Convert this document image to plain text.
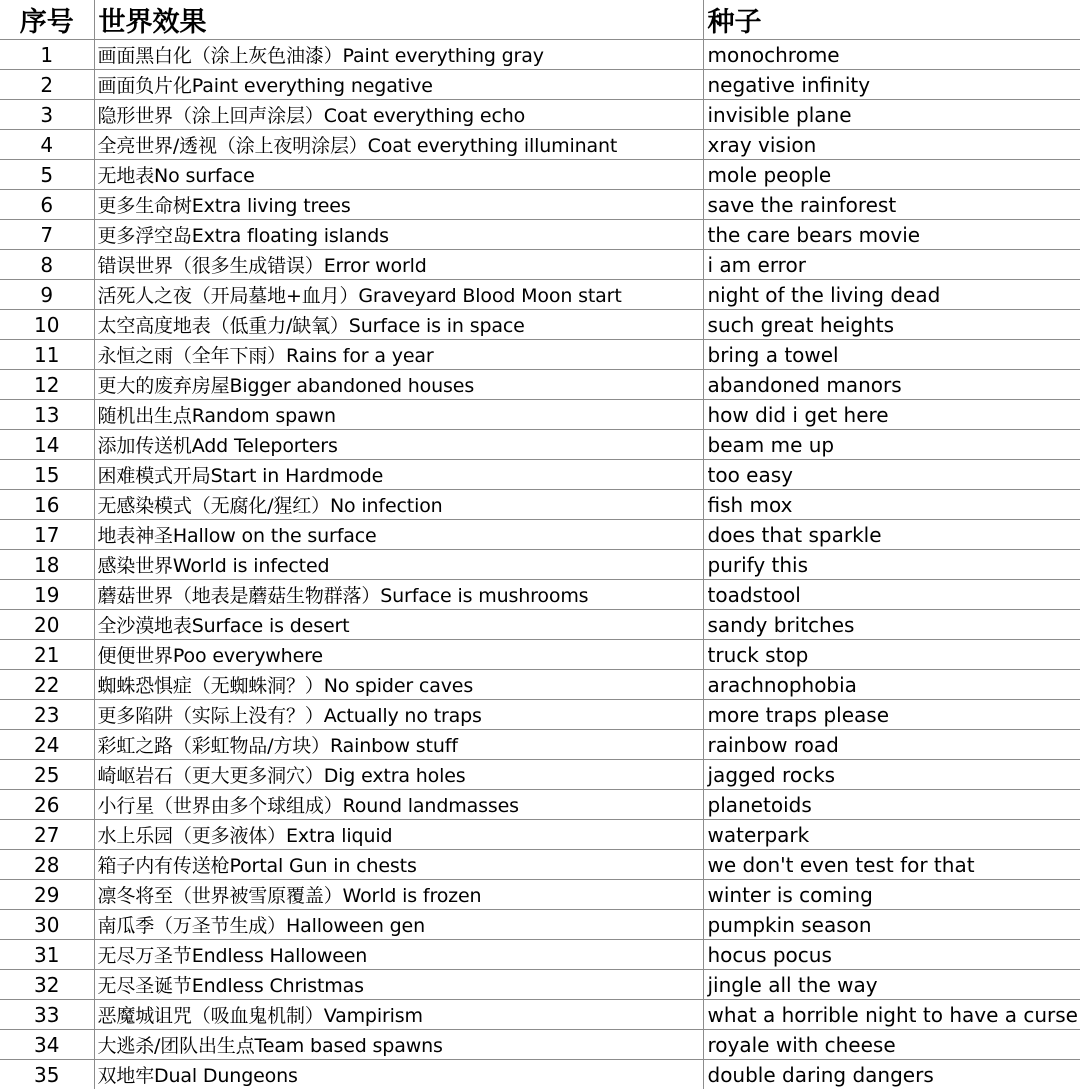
序号	世界效果	种子
1	画面黑白化（涂上灰色油漆）Paint everything gray	monochrome
2	画面负片化Paint everything negative	negative infinity
3	隐形世界（涂上回声涂层）Coat everything echo	invisible plane
4	全亮世界/透视（涂上夜明涂层）Coat everything illuminant	xray vision
5	无地表No surface	mole people
6	更多生命树Extra living trees	save the rainforest
7	更多浮空岛Extra floating islands	the care bears movie
8	错误世界（很多生成错误）Error world	i am error
9	活死人之夜（开局墓地+血月）Graveyard Blood Moon start	night of the living dead
10	太空高度地表（低重力/缺氧）Surface is in space	such great heights
11	永恒之雨（全年下雨）Rains for a year	bring a towel
12	更大的废弃房屋Bigger abandoned houses	abandoned manors
13	随机出生点Random spawn	how did i get here
14	添加传送机Add Teleporters	beam me up
15	困难模式开局Start in Hardmode	too easy
16	无感染模式（无腐化/猩红）No infection	fish mox
17	地表神圣Hallow on the surface	does that sparkle
18	感染世界World is infected	purify this
19	蘑菇世界（地表是蘑菇生物群落）Surface is mushrooms	toadstool
20	全沙漠地表Surface is desert	sandy britches
21	便便世界Poo everywhere	truck stop
22	蜘蛛恐惧症（无蜘蛛洞？）No spider caves	arachnophobia
23	更多陷阱（实际上没有？）Actually no traps	more traps please
24	彩虹之路（彩虹物品/方块）Rainbow stuff	rainbow road
25	崎岖岩石（更大更多洞穴）Dig extra holes	jagged rocks
26	小行星（世界由多个球组成）Round landmasses	planetoids
27	水上乐园（更多液体）Extra liquid	waterpark
28	箱子内有传送枪Portal Gun in chests	we don't even test for that
29	凛冬将至（世界被雪原覆盖）World is frozen	winter is coming
30	南瓜季（万圣节生成）Halloween gen	pumpkin season
31	无尽万圣节Endless Halloween	hocus pocus
32	无尽圣诞节Endless Christmas	jingle all the way
33	恶魔城诅咒（吸血鬼机制）Vampirism	what a horrible night to have a curse
34	大逃杀/团队出生点Team based spawns	royale with cheese
35	双地牢Dual Dungeons	double daring dangers
